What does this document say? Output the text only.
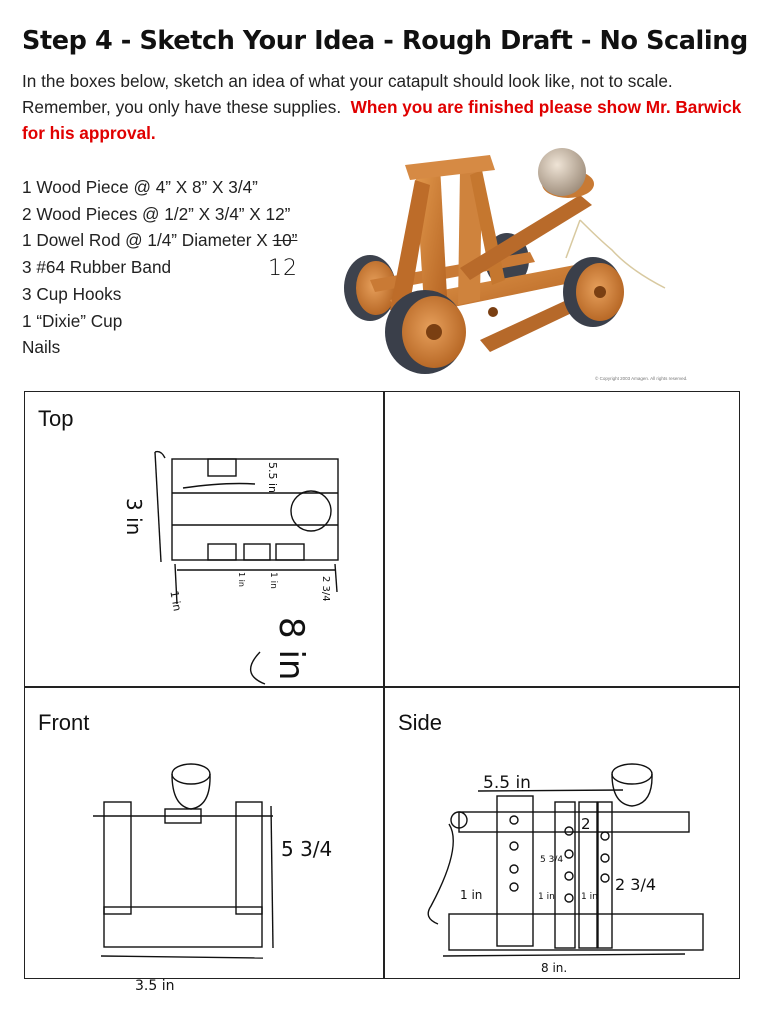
Step 4 - Sketch Your Idea - Rough Draft - No Scaling

In the boxes below, sketch an idea of what your catapult should look like, not to scale. Remember, you only have these supplies. When you are finished please show Mr. Barwick for his approval.

1 Wood Piece @ 4” X 8” X 3/4”
2 Wood Pieces @ 1/2” X 3/4” X 12”
1 Dowel Rod @ 1/4” Diameter X 10”
3 #64 Rubber Band
3 Cup Hooks
1 “Dixie” Cup
Nails
12
© Copyright 2003 Amagen. All rights reserved.
Top
Front	Side
3 in
5.5 in
1 in
1 in 1 in	2 3/4
8 in
5 3/4
3.5 in
5.5 in
2
5 3/4
1 in	1 in	1 in
2 3/4
8 in.
